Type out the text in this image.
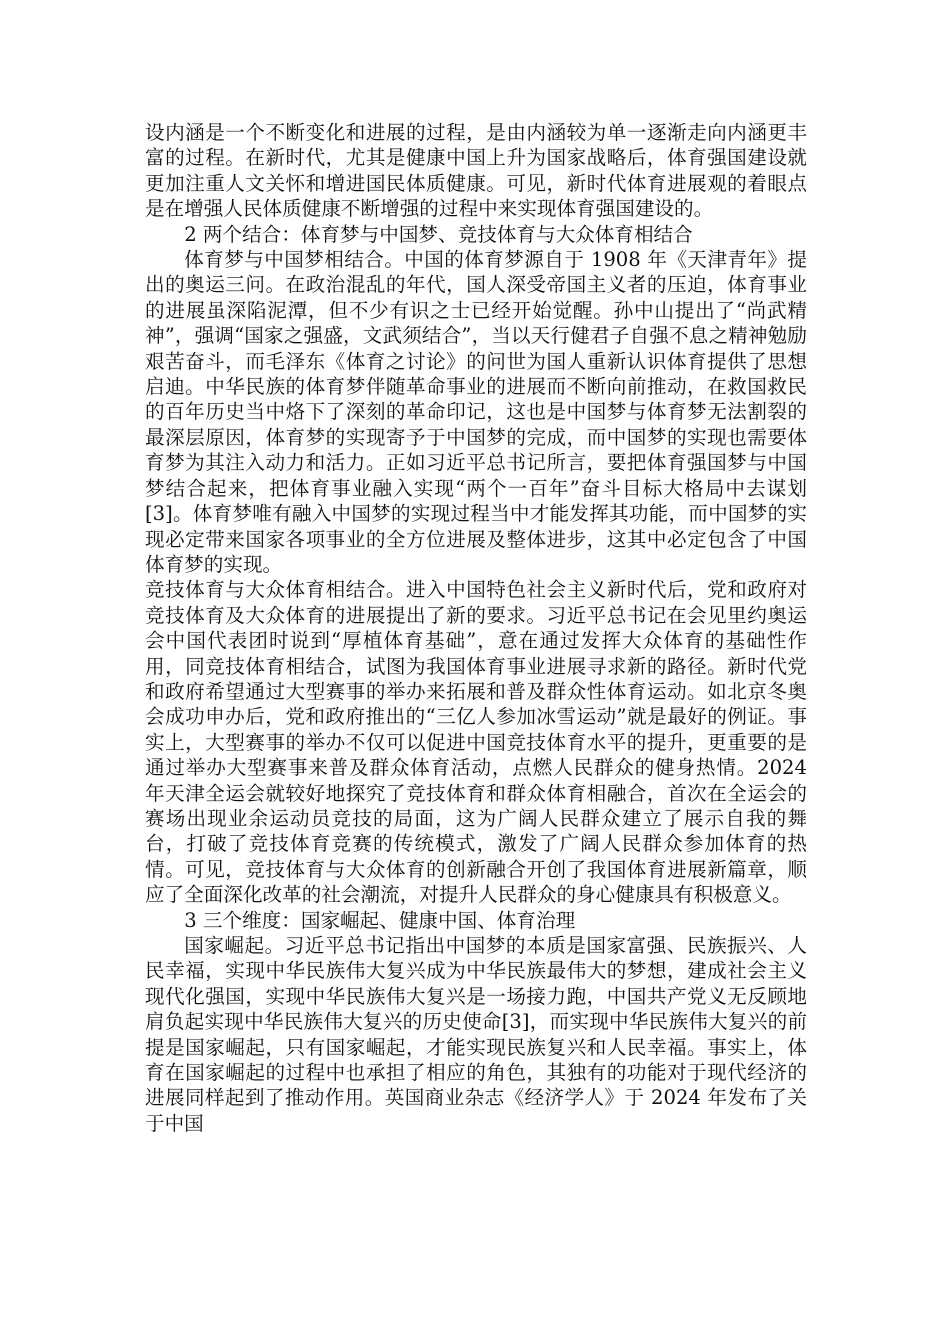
设内涵是一个不断变化和进展的过程，是由内涵较为单一逐渐走向内涵更丰富的过程。在新时代，尤其是健康中国上升为国家战略后，体育强国建设就更加注重人文关怀和增进国民体质健康。可见，新时代体育进展观的着眼点是在增强人民体质健康不断增强的过程中来实现体育强国建设的。

2 两个结合：体育梦与中国梦、竞技体育与大众体育相结合

体育梦与中国梦相结合。中国的体育梦源自于 1908 年《天津青年》提出的奥运三问。在政治混乱的年代，国人深受帝国主义者的压迫，体育事业的进展虽深陷泥潭，但不少有识之士已经开始觉醒。孙中山提出了“尚武精神”，强调“国家之强盛，文武须结合”，当以天行健君子自强不息之精神勉励艰苦奋斗，而毛泽东《体育之讨论》的问世为国人重新认识体育提供了思想启迪。中华民族的体育梦伴随革命事业的进展而不断向前推动，在救国救民的百年历史当中烙下了深刻的革命印记，这也是中国梦与体育梦无法割裂的最深层原因，体育梦的实现寄予于中国梦的完成，而中国梦的实现也需要体育梦为其注入动力和活力。正如习近平总书记所言，要把体育强国梦与中国梦结合起来，把体育事业融入实现“两个一百年”奋斗目标大格局中去谋划[3]。体育梦唯有融入中国梦的实现过程当中才能发挥其功能，而中国梦的实现必定带来国家各项事业的全方位进展及整体进步，这其中必定包含了中国体育梦的实现。

竞技体育与大众体育相结合。进入中国特色社会主义新时代后，党和政府对竞技体育及大众体育的进展提出了新的要求。习近平总书记在会见里约奥运会中国代表团时说到“厚植体育基础”，意在通过发挥大众体育的基础性作用，同竞技体育相结合，试图为我国体育事业进展寻求新的路径。新时代党和政府希望通过大型赛事的举办来拓展和普及群众性体育运动。如北京冬奥会成功申办后，党和政府推出的“三亿人参加冰雪运动”就是最好的例证。事实上，大型赛事的举办不仅可以促进中国竞技体育水平的提升，更重要的是通过举办大型赛事来普及群众体育活动，点燃人民群众的健身热情。2024 年天津全运会就较好地探究了竞技体育和群众体育相融合，首次在全运会的赛场出现业余运动员竞技的局面，这为广阔人民群众建立了展示自我的舞台，打破了竞技体育竞赛的传统模式，激发了广阔人民群众参加体育的热情。可见，竞技体育与大众体育的创新融合开创了我国体育进展新篇章，顺应了全面深化改革的社会潮流，对提升人民群众的身心健康具有积极意义。

3 三个维度：国家崛起、健康中国、体育治理

国家崛起。习近平总书记指出中国梦的本质是国家富强、民族振兴、人民幸福，实现中华民族伟大复兴成为中华民族最伟大的梦想，建成社会主义现代化强国，实现中华民族伟大复兴是一场接力跑，中国共产党义无反顾地肩负起实现中华民族伟大复兴的历史使命[3]，而实现中华民族伟大复兴的前提是国家崛起，只有国家崛起，才能实现民族复兴和人民幸福。事实上，体育在国家崛起的过程中也承担了相应的角色，其独有的功能对于现代经济的进展同样起到了推动作用。英国商业杂志《经济学人》于 2024 年发布了关于中国
